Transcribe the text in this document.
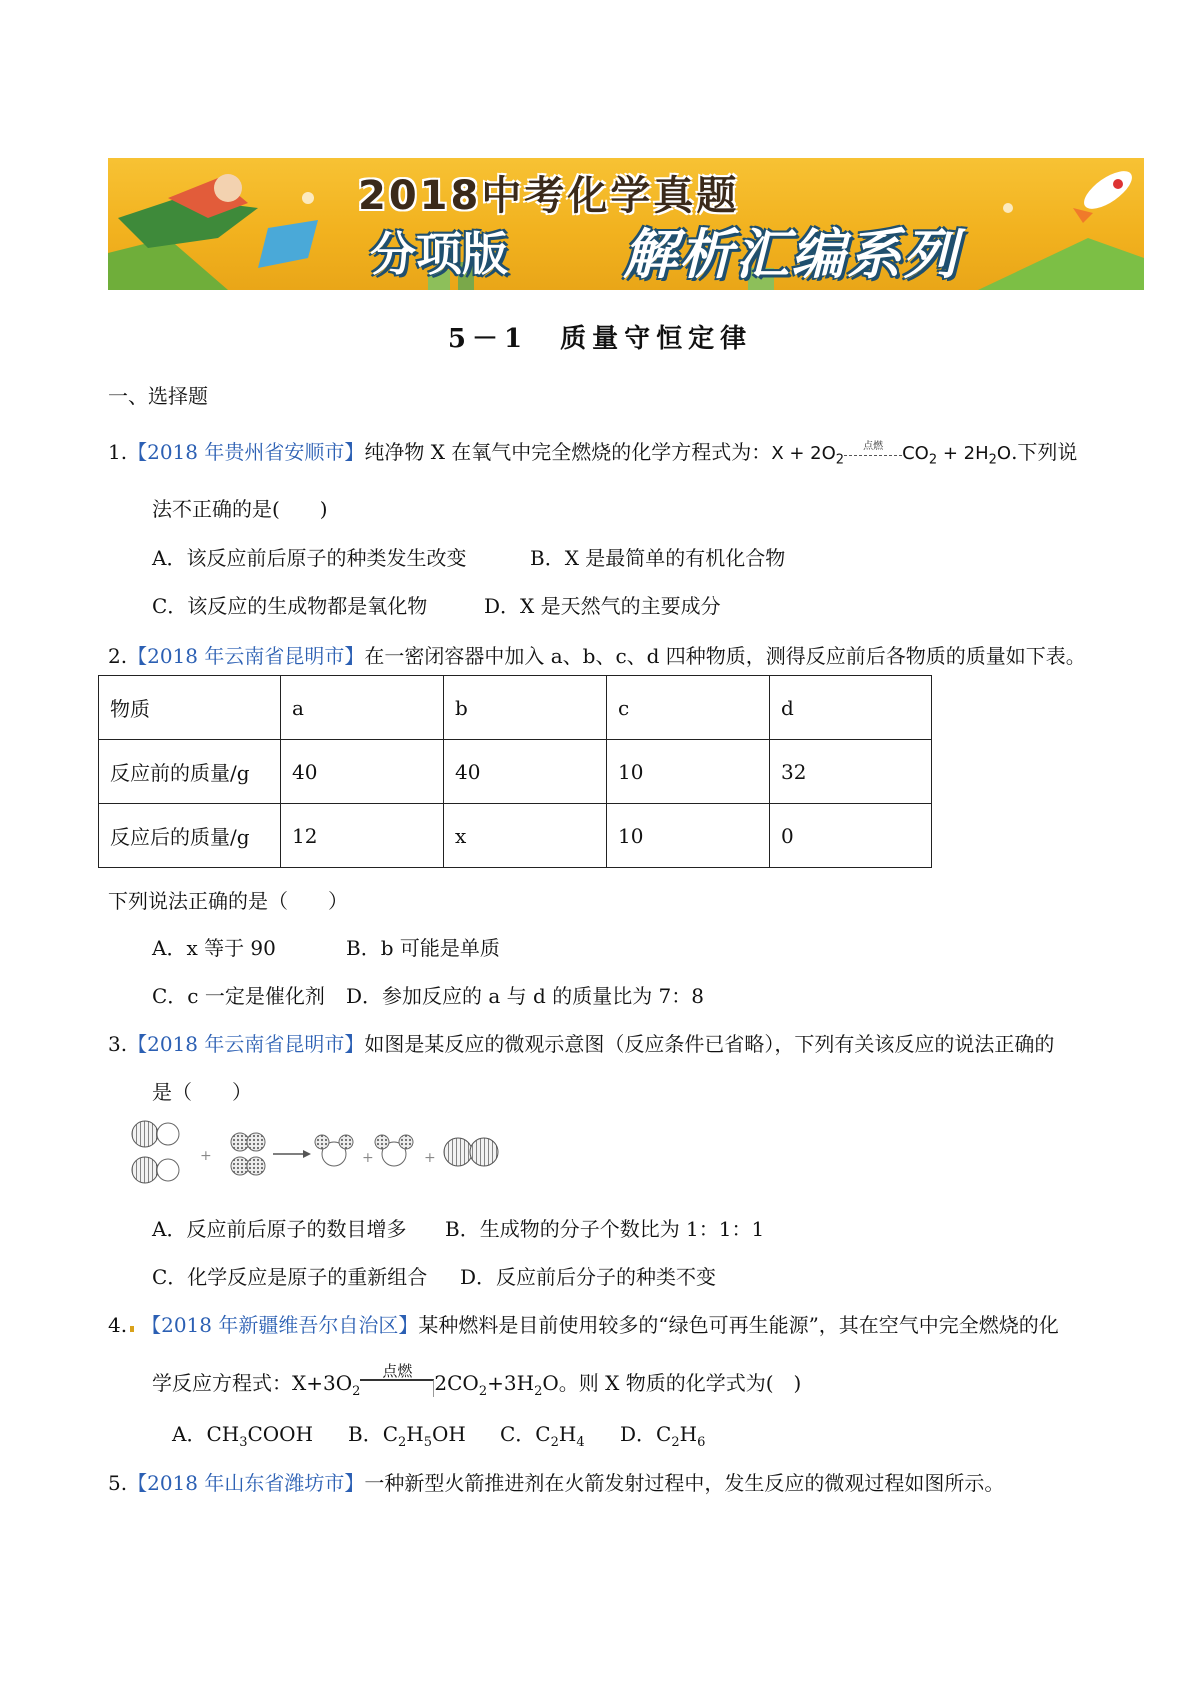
2018中考化学真题
分项版 解析汇编系列
5－1　质量守恒定律
一、选择题
1.【2018 年贵州省安顺市】纯净物 X 在氧气中完全燃烧的化学方程式为：$X + 2O_2$点燃 $CO_2 + 2H_2O$.下列说
法不正确的是(　　)
A．该反应前后原子的种类发生改变	B．X 是最简单的有机化合物
C．该反应的生成物都是氧化物	D．X 是天然气的主要成分
2.【2018 年云南省昆明市】在一密闭容器中加入 a、b、c、d 四种物质，测得反应前后各物质的质量如下表。
物质	a	b	c	d
反应前的质量/g	40	40	10	32
反应后的质量/g	12	x	10	0
下列说法正确的是（　　）
A．x 等于 90	B．b 可能是单质
C．c 一定是催化剂 D．参加反应的 a 与 d 的质量比为 7：8
3.【2018 年云南省昆明市】如图是某反应的微观示意图（反应条件已省略），下列有关该反应的说法正确的
是（　　）
+	+	+
A．反应前后原子的数目增多 B．生成物的分子个数比为 1：1：1
C．化学反应是原子的重新组合 D．反应前后分子的种类不变
4. 【2018 年新疆维吾尔自治区】某种燃料是目前使用较多的“绿色可再生能源”，其在空气中完全燃烧的化
学反应方程式：$X+3O_2$点燃 $2CO_2+3H_2O$。则 X 物质的化学式为(　)
A．$CH_3COOH$ B．$C_2H_5OH$ C．$C_2H_4$ D．$C_2H_6$
5.【2018 年山东省潍坊市】一种新型火箭推进剂在火箭发射过程中，发生反应的微观过程如图所示。
